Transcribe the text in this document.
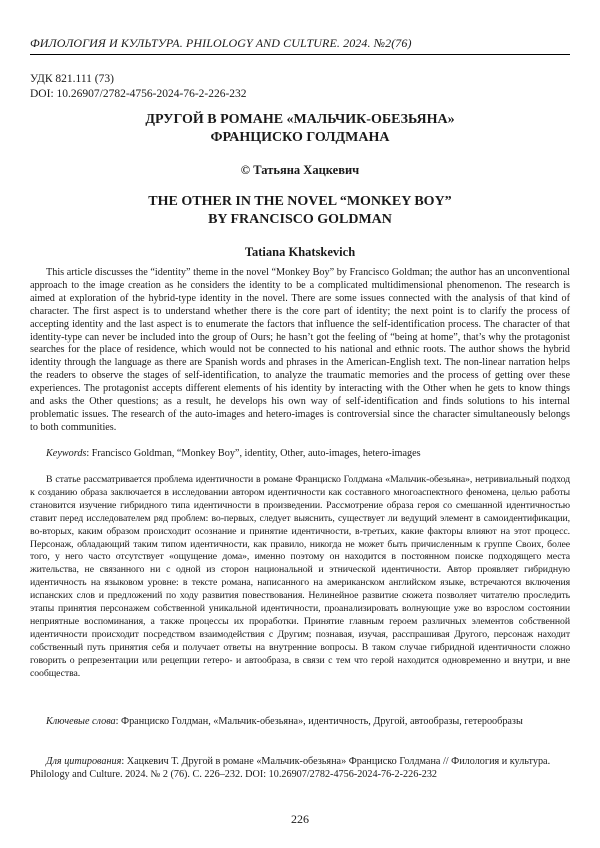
ФИЛОЛОГИЯ И КУЛЬТУРА. PHILOLOGY AND CULTURE. 2024. №2(76)
УДК 821.111 (73)
DOI: 10.26907/2782-4756-2024-76-2-226-232
ДРУГОЙ В РОМАНЕ «МАЛЬЧИК-ОБЕЗЬЯНА»
ФРАНЦИСКО ГОЛДМАНА
© Татьяна Хацкевич
THE OTHER IN THE NOVEL “MONKEY BOY”
BY FRANCISCO GOLDMAN
Tatiana Khatskevich
This article discusses the “identity” theme in the novel “Monkey Boy” by Francisco Goldman; the author has an unconventional approach to the image creation as he considers the identity to be a complicated multidimensional phenomenon. The research is aimed at exploration of the hybrid-type identity in the novel. There are some issues connected with the analysis of that kind of character. The first aspect is to understand whether there is the core part of identity; the next point is to clarify the process of accepting identity and the last aspect is to enumerate the factors that influence the self-identification process. The character of that identity-type can never be included into the group of Ours; he hasn’t got the feeling of “being at home”, that’s why the protagonist searches for the place of residence, which would not be connected to his national and ethnic roots. The author shows the hybrid identity through the language as there are Spanish words and phrases in the American-English text. The non-linear narration helps the readers to observe the stages of self-identification, to analyze the traumatic memories and the process of getting over these experiences. The protagonist accepts different elements of his identity by interacting with the Other when he gets to know things and asks the Other questions; as a result, he develops his own way of self-identification and finds solutions to his internal problematic issues. The research of the auto-images and hetero-images is controversial since the character simultaneously belongs to both communities.
Keywords: Francisco Goldman, “Monkey Boy”, identity, Other, auto-images, hetero-images
В статье рассматривается проблема идентичности в романе Франциско Голдмана «Мальчик-обезьяна», нетривиальный подход к созданию образа заключается в исследовании автором идентичности как составного многоаспектного феномена, целью работы становится изучение гибридного типа идентичности в произведении. Рассмотрение образа героя со смешанной идентичностью ставит перед исследователем ряд проблем: во-первых, следует выяснить, существует ли ведущий элемент в самоидентификации, во-вторых, каким образом происходит осознание и принятие идентичности, в-третьих, какие факторы влияют на этот процесс. Персонаж, обладающий таким типом идентичности, как правило, никогда не может быть причисленным к группе Своих, более того, у него часто отсутствует «ощущение дома», именно поэтому он находится в постоянном поиске подходящего места жительства, не связанного ни с одной из сторон национальной и этнической идентичности. Автор проявляет гибридную идентичность на языковом уровне: в тексте романа, написанного на американском английском языке, встречаются включения испанских слов и предложений по ходу развития повествования. Нелинейное развитие сюжета позволяет читателю проследить этапы принятия персонажем собственной уникальной идентичности, проанализировать волнующие уже во взрослом состоянии неприятные воспоминания, а также процессы их проработки. Принятие главным героем различных элементов собственной идентичности происходит посредством взаимодействия с Другим; познавая, изучая, расспрашивая Другого, персонаж находит собственный путь принятия себя и получает ответы на внутренние вопросы. В таком случае гибридной идентичности сложно говорить о репрезентации или рецепции гетеро- и автообраза, в связи с тем что герой находится одновременно и внутри, и вне сообщества.
Ключевые слова: Франциско Голдман, «Мальчик-обезьяна», идентичность, Другой, автообразы, гетерообразы
Для цитирования: Хацкевич Т. Другой в романе «Мальчик-обезьяна» Франциско Голдмана // Филология и культура. Philology and Culture. 2024. № 2 (76). С. 226–232. DOI: 10.26907/2782-4756-2024-76-2-226-232
226
